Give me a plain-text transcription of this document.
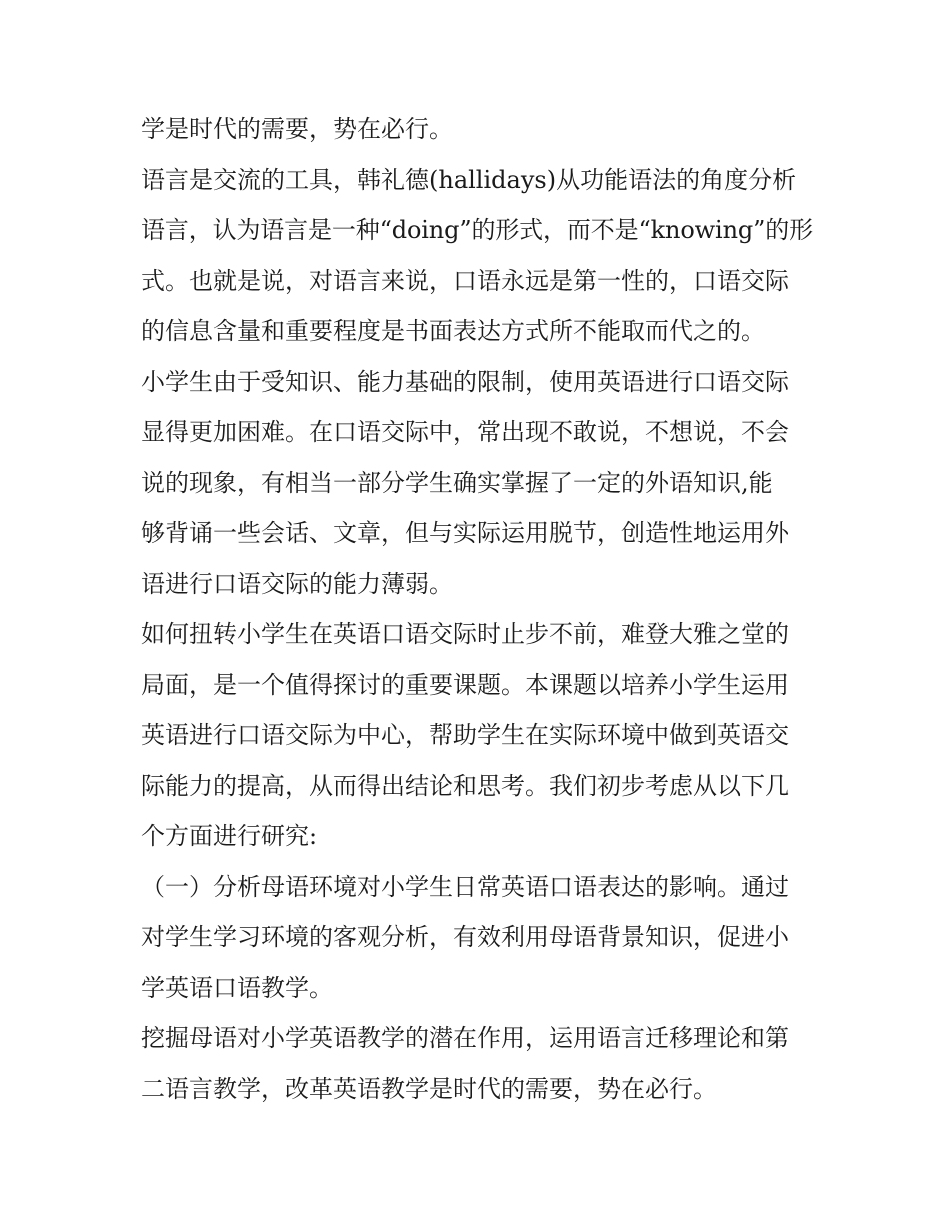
学是时代的需要，势在必行。
语言是交流的工具，韩礼德(hallidays)从功能语法的角度分析
语言，认为语言是一种“doing”的形式，而不是“knowing”的形
式。也就是说，对语言来说，口语永远是第一性的，口语交际
的信息含量和重要程度是书面表达方式所不能取而代之的。
小学生由于受知识、能力基础的限制，使用英语进行口语交际
显得更加困难。在口语交际中，常出现不敢说，不想说，不会
说的现象，有相当一部分学生确实掌握了一定的外语知识,能
够背诵一些会话、文章，但与实际运用脱节，创造性地运用外
语进行口语交际的能力薄弱。
如何扭转小学生在英语口语交际时止步不前，难登大雅之堂的
局面，是一个值得探讨的重要课题。本课题以培养小学生运用
英语进行口语交际为中心，帮助学生在实际环境中做到英语交
际能力的提高，从而得出结论和思考。我们初步考虑从以下几
个方面进行研究:
（一）分析母语环境对小学生日常英语口语表达的影响。通过
对学生学习环境的客观分析，有效利用母语背景知识，促进小
学英语口语教学。
挖掘母语对小学英语教学的潜在作用，运用语言迁移理论和第
二语言教学，改革英语教学是时代的需要，势在必行。
